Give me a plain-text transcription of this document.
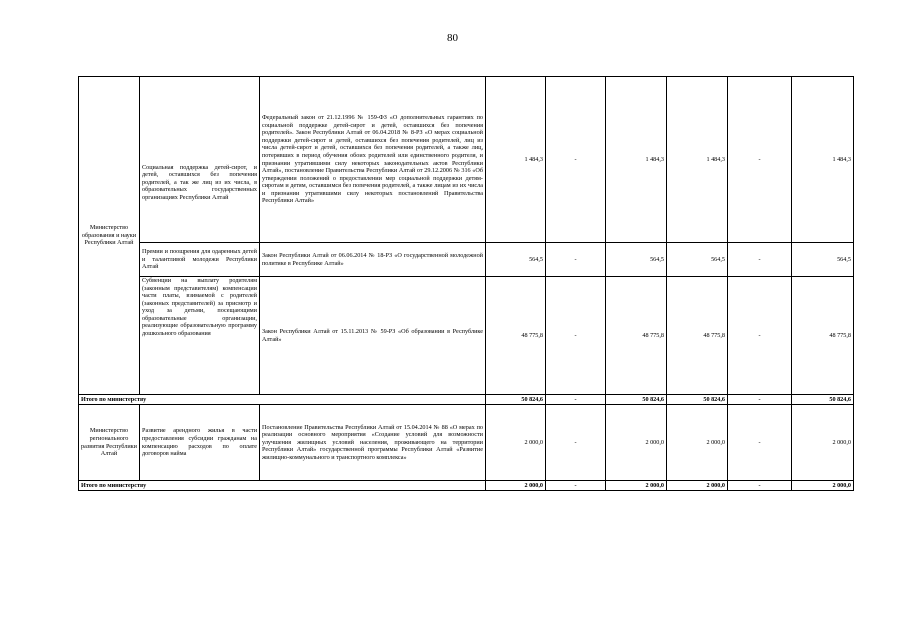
80
Министерство образования и науки Республики Алтай	Социальная поддержка детей-сирот, и детей, оставшихся без попечения родителей, а так же лиц из их числа, в образовательных государственных организациях Республики Алтай	Федеральный закон от 21.12.1996 № 159-ФЗ «О дополнительных гарантиях по социальной поддержке детей-сирот и детей, оставшихся без попечения родителей». Закон Республики Алтай от 06.04.2018 № 8-РЗ «О мерах социальной поддержки детей-сирот и детей, оставшихся без попечения родителей, лиц из числа детей-сирот и детей, оставшихся без попечения родителей, а также лиц, потерявших в период обучения обоих родителей или единственного родителя, и признании утратившими силу некоторых законодательных актов Республики Алтай», постановление Правительства Республики Алтай от 29.12.2006 № 316 «Об утверждении положений о предоставлении мер социальной поддержки детям-сиротам и детям, оставшимся без попечения родителей, а также лицам из их числа и признании утратившими силу некоторых постановлений Правительства Республики Алтай»	1 484,3	-	1 484,3	1 484,3	-	1 484,3
	Премии и поощрения для одаренных детей и талантливой молодежи Республики Алтай	Закон Республики Алтай от 06.06.2014 № 18-РЗ «О государственной молодежной политике в Республике Алтай»	564,5	-	564,5	564,5	-	564,5
	Субвенции на выплату родителям (законным представителям) компенсации части платы, взимаемой с родителей (законных представителей) за присмотр и уход за детьми, посещающими образовательные организации, реализующие образовательную программу дошкольного образования	Закон Республики Алтай от 15.11.2013 № 59-РЗ «Об образовании в Республике Алтай»	48 775,8	-	48 775,8	48 775,8	-	48 775,8
Итого по министерству			50 824,6	-	50 824,6	50 824,6	-	50 824,6
Министерство регионального развития Республики Алтай	Развитие арендного жилья в части предоставления субсидии гражданам на компенсацию расходов по оплате договоров найма	Постановление Правительства Республики Алтай от 15.04.2014 № 88 «О мерах по реализации основного мероприятия «Создание условий для возможности улучшения жилищных условий населения, проживающего на территории Республики Алтай» государственной программы Республики Алтай «Развитие жилищно-коммунального и транспортного комплекса»	2 000,0	-	2 000,0	2 000,0	-	2 000,0
Итого по министерству			2 000,0	-	2 000,0	2 000,0	-	2 000,0
